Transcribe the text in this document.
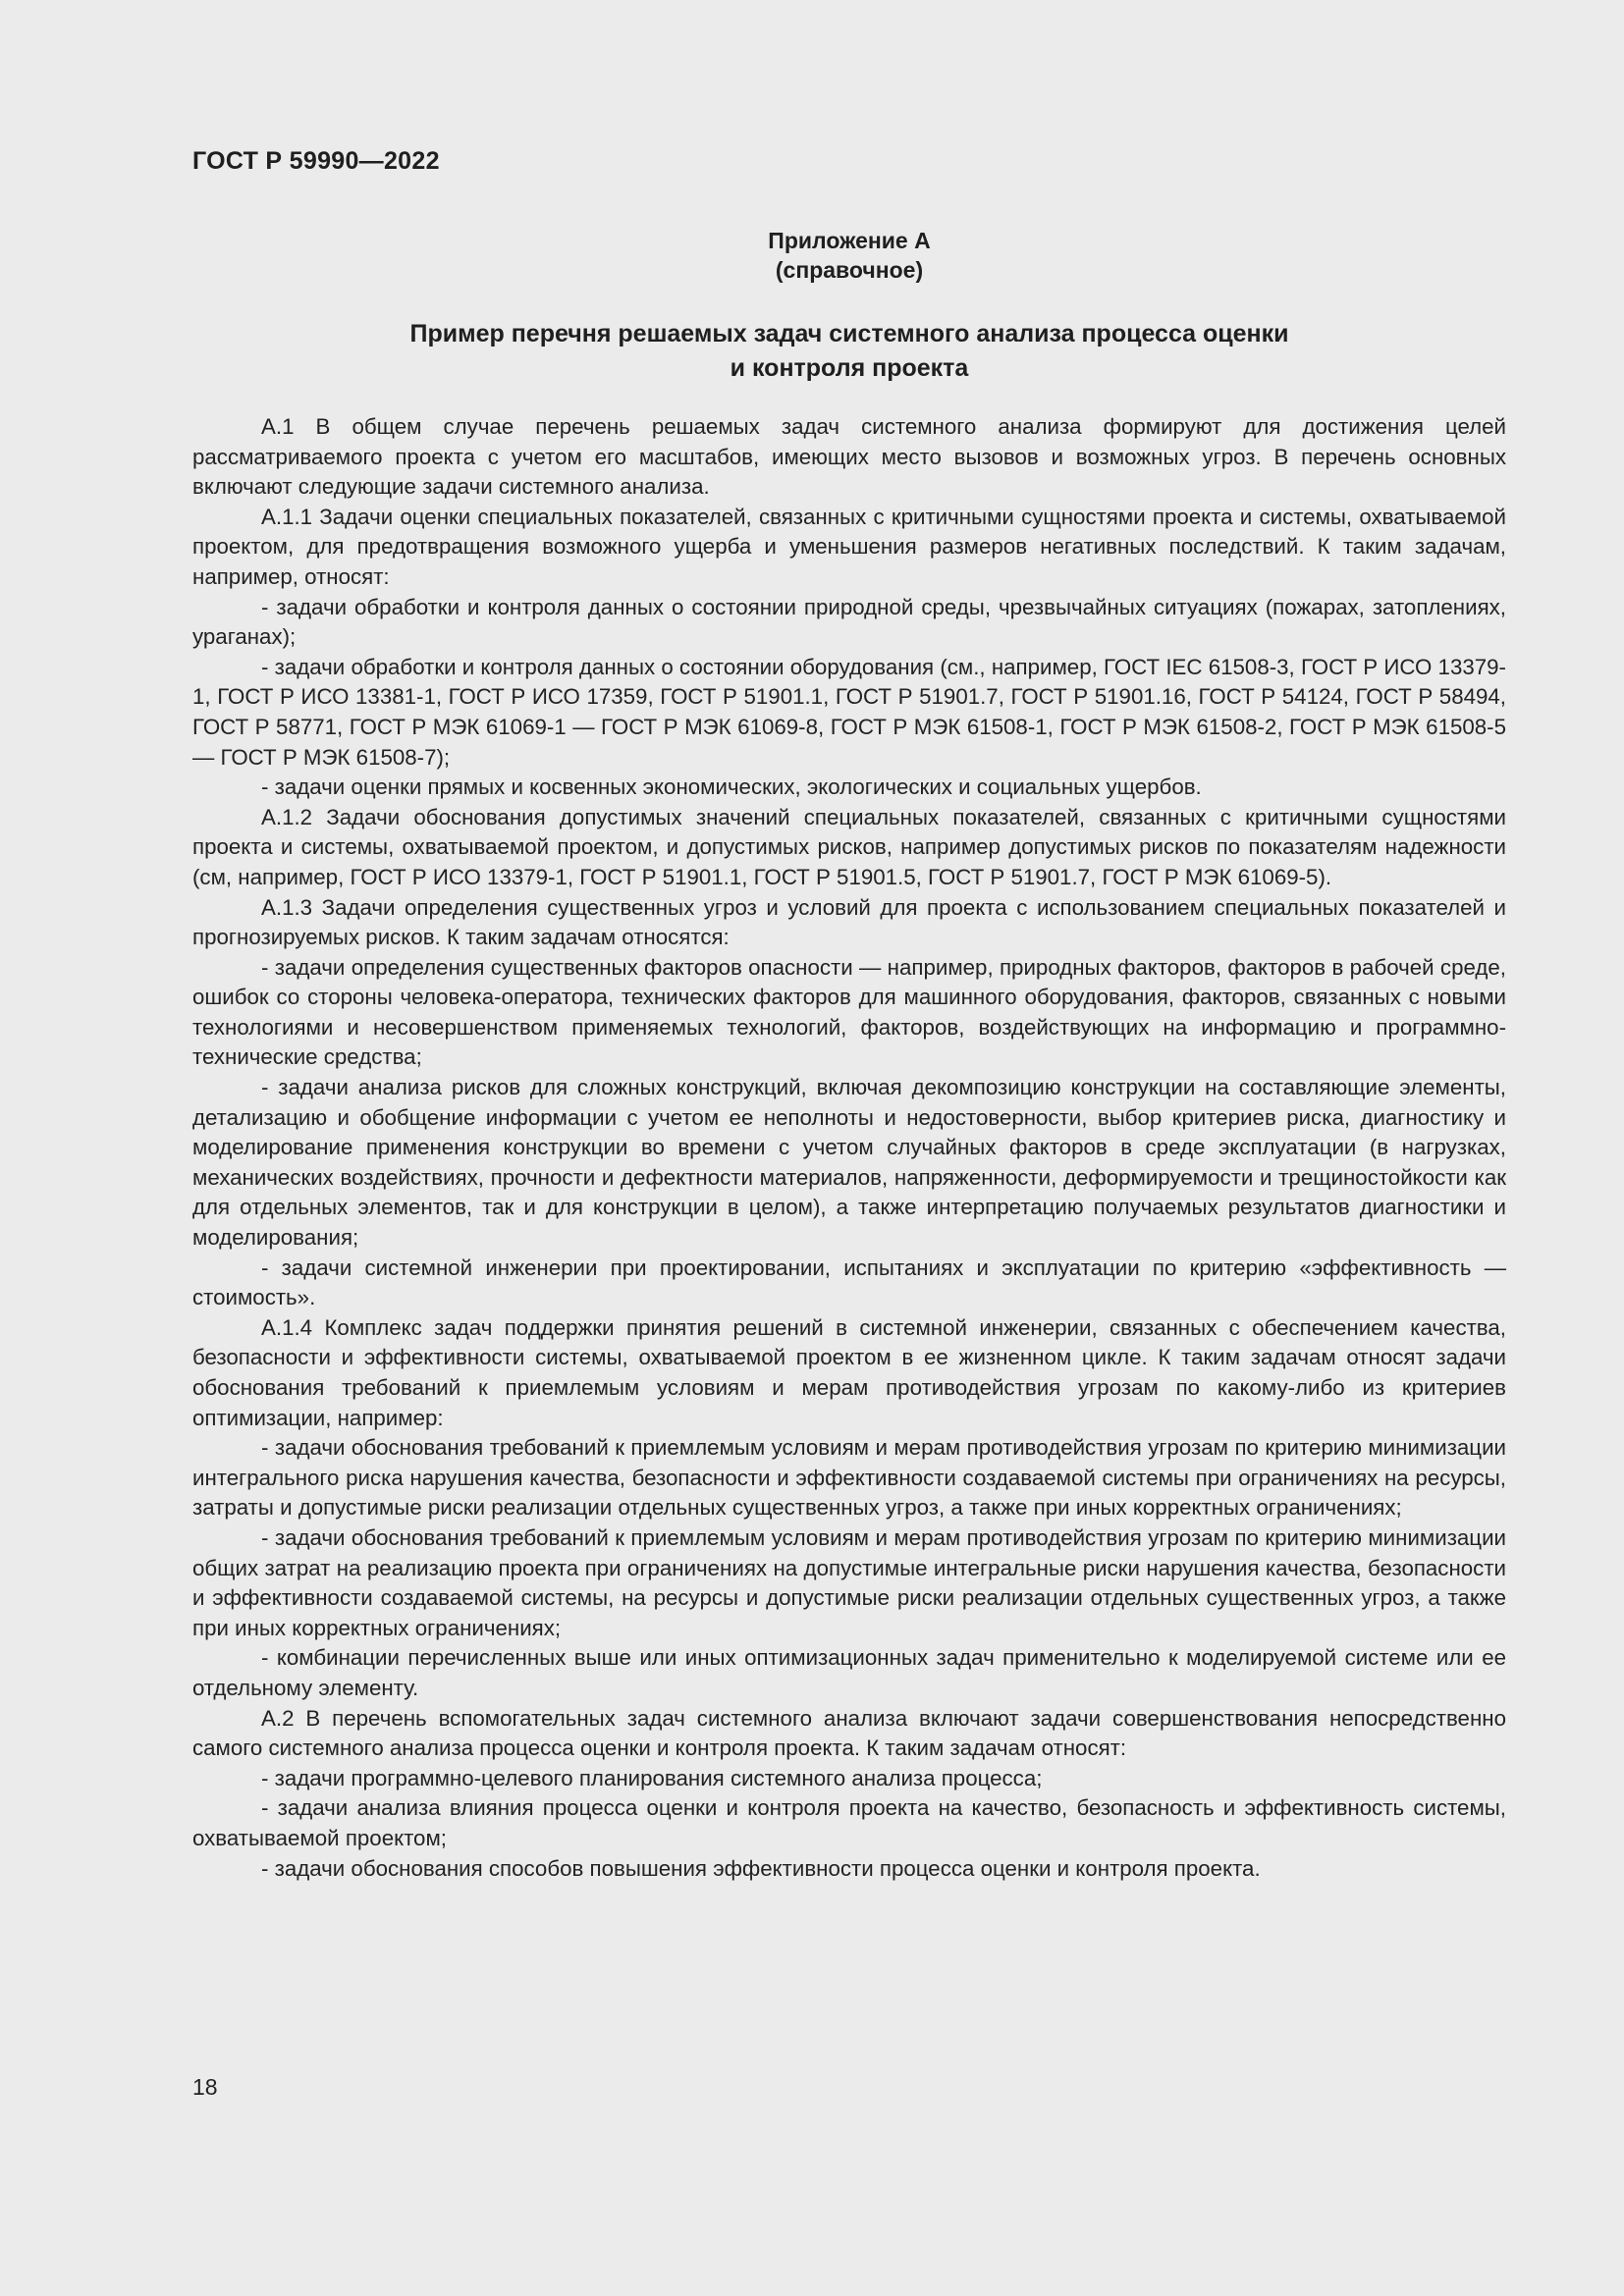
ГОСТ Р 59990—2022
Приложение А
(справочное)
Пример перечня решаемых задач системного анализа процесса оценки
и контроля проекта

А.1 В общем случае перечень решаемых задач системного анализа формируют для достижения целей рассматриваемого проекта с учетом его масштабов, имеющих место вызовов и возможных угроз. В перечень основных включают следующие задачи системного анализа.

А.1.1 Задачи оценки специальных показателей, связанных с критичными сущностями проекта и системы, охватываемой проектом, для предотвращения возможного ущерба и уменьшения размеров негативных последствий. К таким задачам, например, относят:

- задачи обработки и контроля данных о состоянии природной среды, чрезвычайных ситуациях (пожарах, затоплениях, ураганах);

- задачи обработки и контроля данных о состоянии оборудования (см., например, ГОСТ IEC 61508-3, ГОСТ Р ИСО 13379-1, ГОСТ Р ИСО 13381-1, ГОСТ Р ИСО 17359, ГОСТ Р 51901.1, ГОСТ Р 51901.7, ГОСТ Р 51901.16, ГОСТ Р 54124, ГОСТ Р 58494, ГОСТ Р 58771, ГОСТ Р МЭК 61069-1 — ГОСТ Р МЭК 61069-8, ГОСТ Р МЭК 61508-1, ГОСТ Р МЭК 61508-2, ГОСТ Р МЭК 61508-5 — ГОСТ Р МЭК 61508-7);

- задачи оценки прямых и косвенных экономических, экологических и социальных ущербов.

А.1.2 Задачи обоснования допустимых значений специальных показателей, связанных с критичными сущностями проекта и системы, охватываемой проектом, и допустимых рисков, например допустимых рисков по показателям надежности (см, например, ГОСТ Р ИСО 13379-1, ГОСТ Р 51901.1, ГОСТ Р 51901.5, ГОСТ Р 51901.7, ГОСТ Р МЭК 61069-5).

А.1.3 Задачи определения существенных угроз и условий для проекта с использованием специальных показателей и прогнозируемых рисков. К таким задачам относятся:

- задачи определения существенных факторов опасности — например, природных факторов, факторов в рабочей среде, ошибок со стороны человека-оператора, технических факторов для машинного оборудования, факторов, связанных с новыми технологиями и несовершенством применяемых технологий, факторов, воздействующих на информацию и программно-технические средства;

- задачи анализа рисков для сложных конструкций, включая декомпозицию конструкции на составляющие элементы, детализацию и обобщение информации с учетом ее неполноты и недостоверности, выбор критериев риска, диагностику и моделирование применения конструкции во времени с учетом случайных факторов в среде эксплуатации (в нагрузках, механических воздействиях, прочности и дефектности материалов, напряженности, деформируемости и трещиностойкости как для отдельных элементов, так и для конструкции в целом), а также интерпретацию получаемых результатов диагностики и моделирования;

- задачи системной инженерии при проектировании, испытаниях и эксплуатации по критерию «эффективность — стоимость».

А.1.4 Комплекс задач поддержки принятия решений в системной инженерии, связанных с обеспечением качества, безопасности и эффективности системы, охватываемой проектом в ее жизненном цикле. К таким задачам относят задачи обоснования требований к приемлемым условиям и мерам противодействия угрозам по какому-либо из критериев оптимизации, например:

- задачи обоснования требований к приемлемым условиям и мерам противодействия угрозам по критерию минимизации интегрального риска нарушения качества, безопасности и эффективности создаваемой системы при ограничениях на ресурсы, затраты и допустимые риски реализации отдельных существенных угроз, а также при иных корректных ограничениях;

- задачи обоснования требований к приемлемым условиям и мерам противодействия угрозам по критерию минимизации общих затрат на реализацию проекта при ограничениях на допустимые интегральные риски нарушения качества, безопасности и эффективности создаваемой системы, на ресурсы и допустимые риски реализации отдельных существенных угроз, а также при иных корректных ограничениях;

- комбинации перечисленных выше или иных оптимизационных задач применительно к моделируемой системе или ее отдельному элементу.

А.2 В перечень вспомогательных задач системного анализа включают задачи совершенствования непосредственно самого системного анализа процесса оценки и контроля проекта. К таким задачам относят:

- задачи программно-целевого планирования системного анализа процесса;

- задачи анализа влияния процесса оценки и контроля проекта на качество, безопасность и эффективность системы, охватываемой проектом;

- задачи обоснования способов повышения эффективности процесса оценки и контроля проекта.

18
